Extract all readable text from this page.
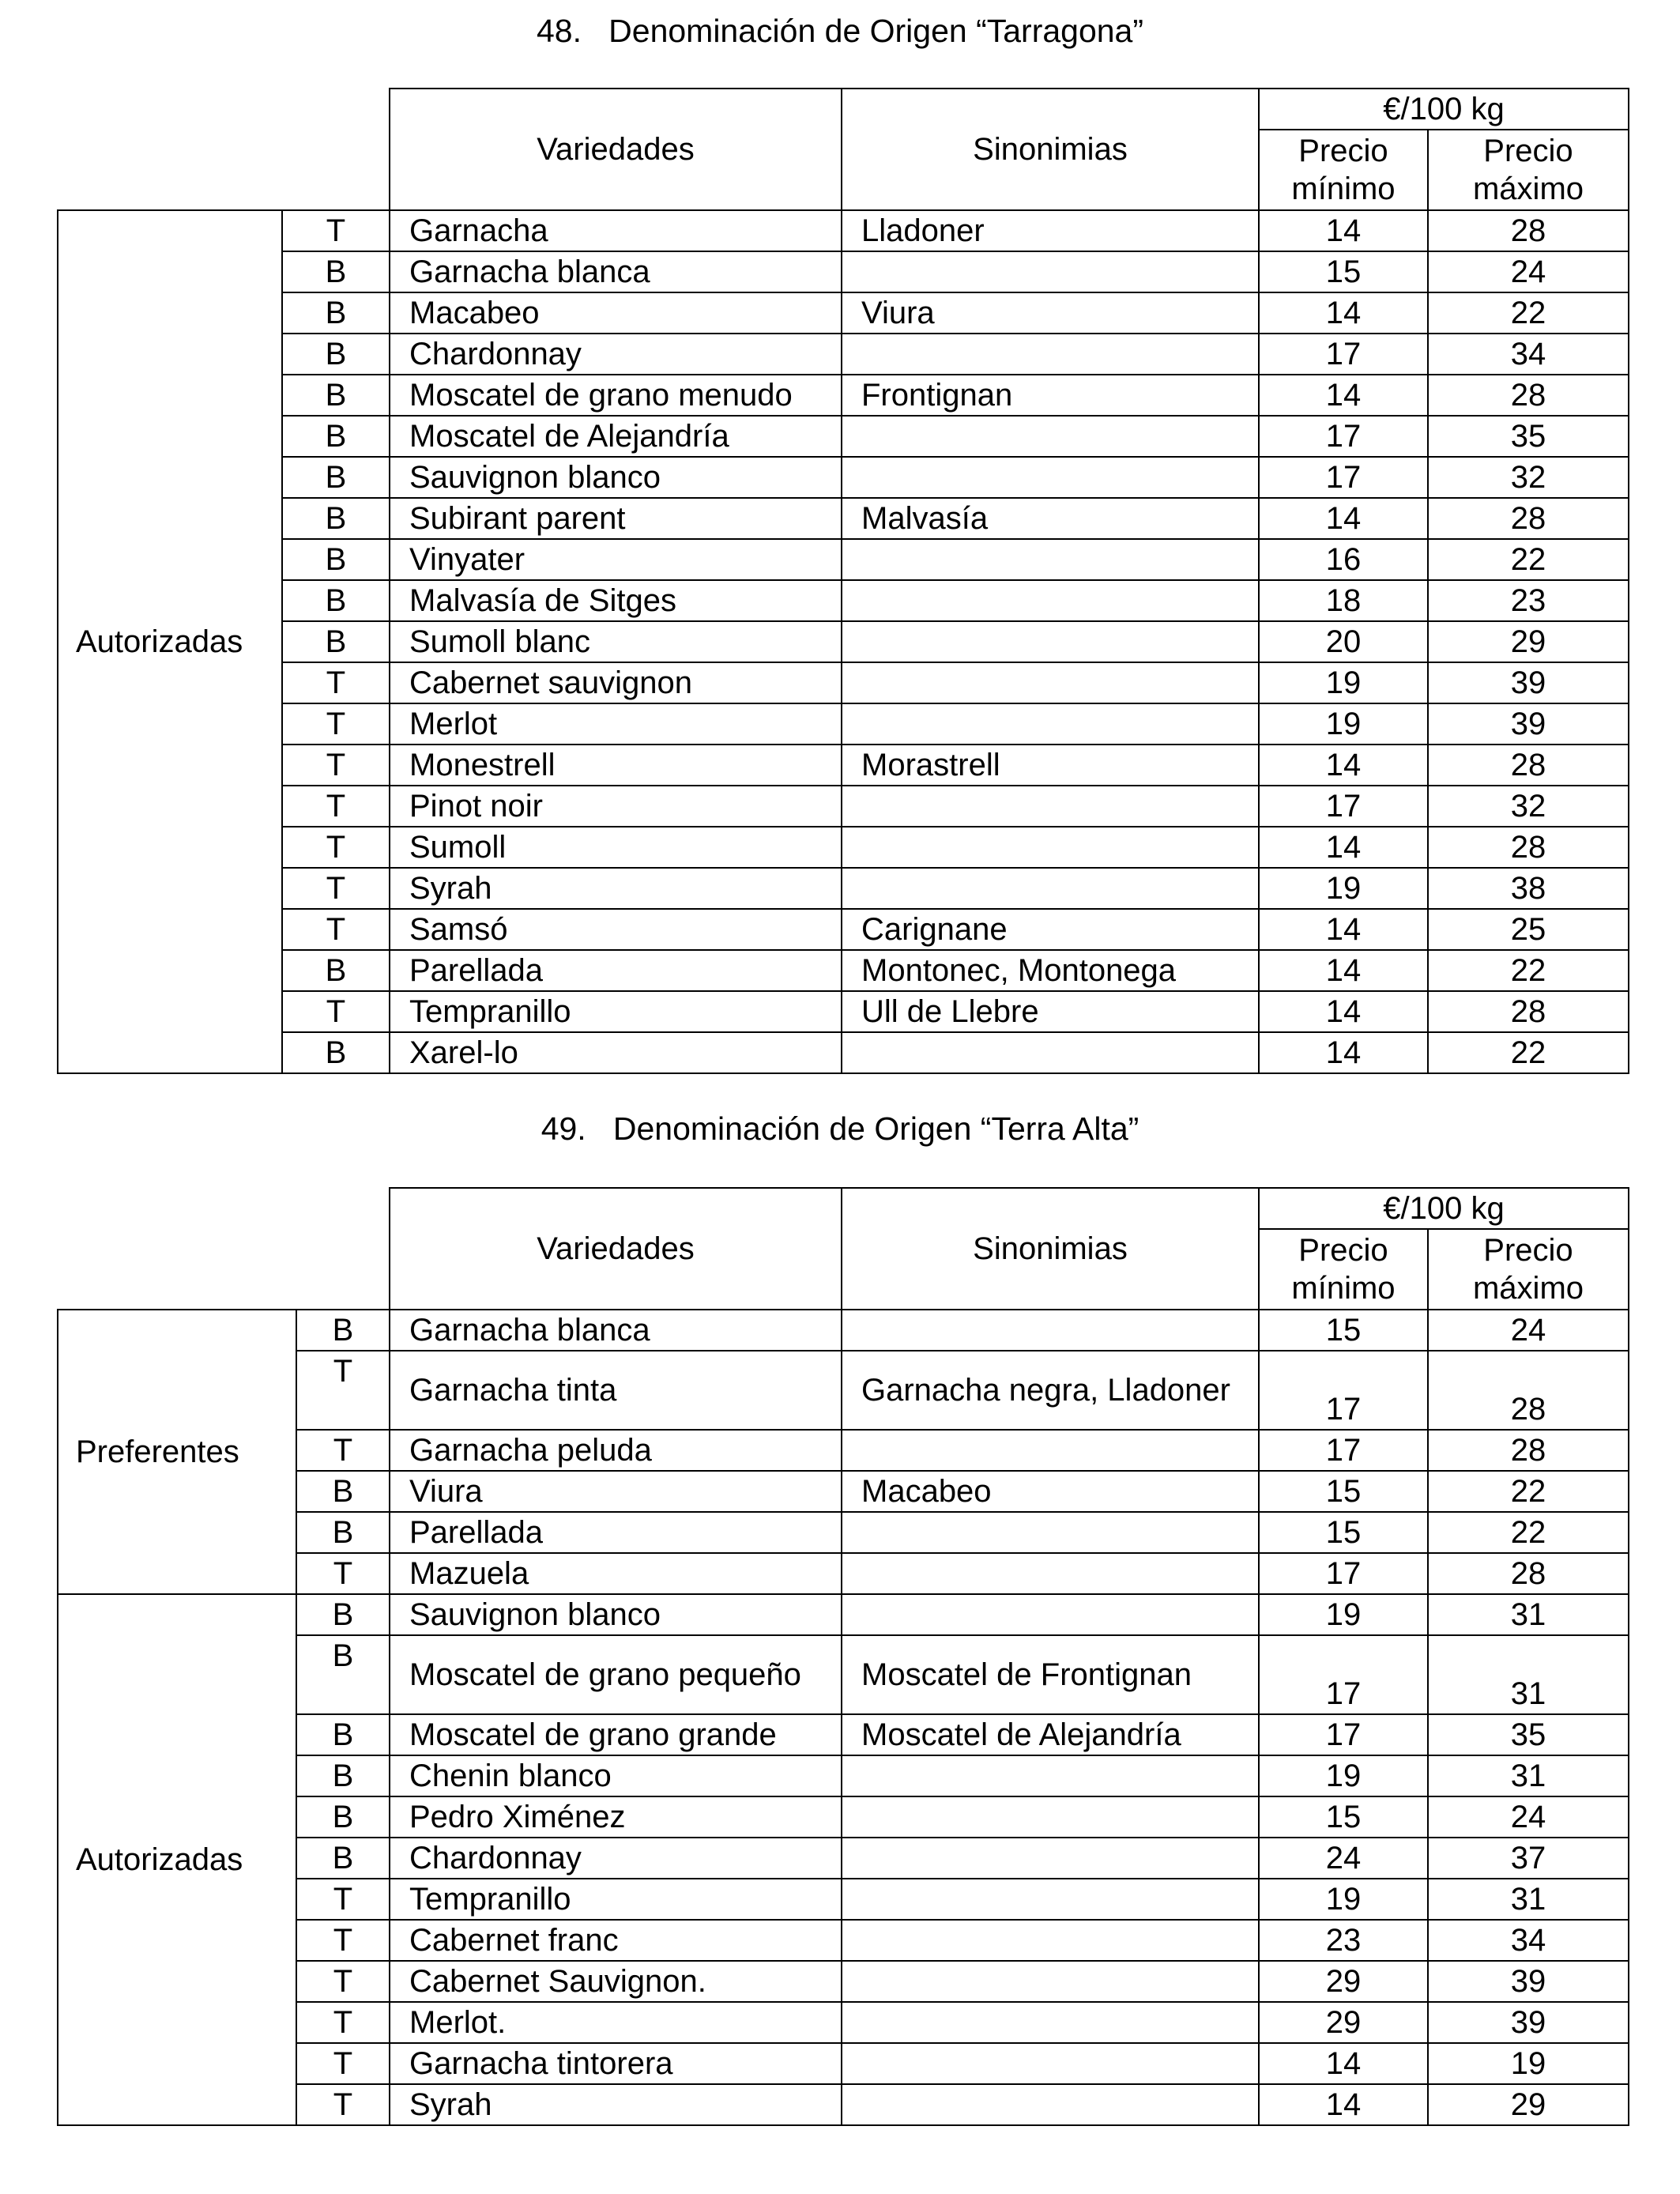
48.   Denominación de Origen “Tarragona”
		Variedades	Sinonimias	€/100 kg	
				Precio mínimo	Precio máximo
Autorizadas	T	Garnacha	Lladoner	14	28
	B	Garnacha blanca		15	24
	B	Macabeo	Viura	14	22
	B	Chardonnay		17	34
	B	Moscatel de grano menudo	Frontignan	14	28
	B	Moscatel de Alejandría		17	35
	B	Sauvignon blanco		17	32
	B	Subirant parent	Malvasía	14	28
	B	Vinyater		16	22
	B	Malvasía de Sitges		18	23
	B	Sumoll blanc		20	29
	T	Cabernet sauvignon		19	39
	T	Merlot		19	39
	T	Monestrell	Morastrell	14	28
	T	Pinot noir		17	32
	T	Sumoll		14	28
	T	Syrah		19	38
	T	Samsó	Carignane	14	25
	B	Parellada	Montonec, Montonega	14	22
	T	Tempranillo	Ull de Llebre	14	28
	B	Xarel-lo		14	22
49.   Denominación de Origen “Terra Alta”
		Variedades	Sinonimias	€/100 kg	
				Precio mínimo	Precio máximo
Preferentes	B	Garnacha blanca		15	24
	T	Garnacha tinta	Garnacha negra, Lladoner	17	28
	T	Garnacha peluda		17	28
	B	Viura	Macabeo	15	22
	B	Parellada		15	22
	T	Mazuela		17	28
Autorizadas	B	Sauvignon blanco		19	31
	B	Moscatel de grano pequeño	Moscatel de Frontignan	17	31
	B	Moscatel de grano grande	Moscatel de Alejandría	17	35
	B	Chenin blanco		19	31
	B	Pedro Ximénez		15	24
	B	Chardonnay		24	37
	T	Tempranillo		19	31
	T	Cabernet franc		23	34
	T	Cabernet Sauvignon.		29	39
	T	Merlot.		29	39
	T	Garnacha tintorera		14	19
	T	Syrah		14	29
